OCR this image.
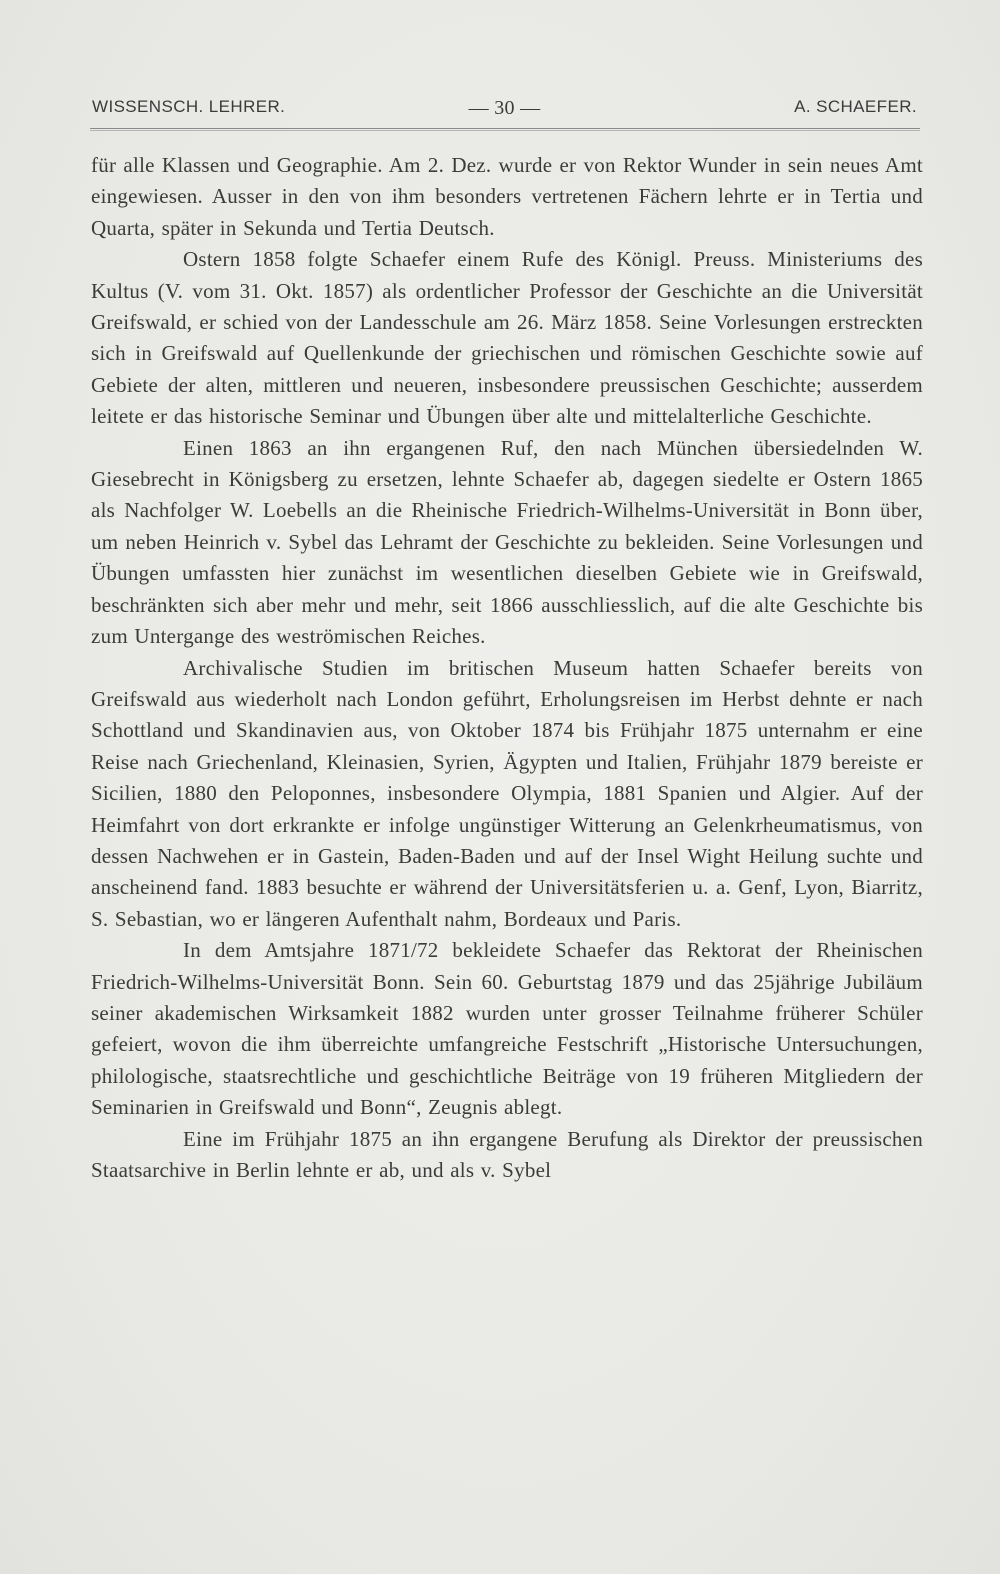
WISSENSCH. LEHRER.	— 30 —	A. SCHAEFER.

für alle Klassen und Geographie. Am 2. Dez. wurde er von Rektor Wunder in sein neues Amt eingewiesen. Ausser in den von ihm besonders vertretenen Fächern lehrte er in Tertia und Quarta, später in Sekunda und Tertia Deutsch.

Ostern 1858 folgte Schaefer einem Rufe des Königl. Preuss. Ministeriums des Kultus (V. vom 31. Okt. 1857) als ordentlicher Professor der Geschichte an die Universität Greifswald, er schied von der Landesschule am 26. März 1858. Seine Vorlesungen erstreckten sich in Greifswald auf Quellenkunde der griechischen und römischen Geschichte sowie auf Gebiete der alten, mittleren und neueren, insbesondere preussischen Geschichte; ausserdem leitete er das historische Seminar und Übungen über alte und mittelalterliche Geschichte.

Einen 1863 an ihn ergangenen Ruf, den nach München übersiedelnden W. Giesebrecht in Königsberg zu ersetzen, lehnte Schaefer ab, dagegen siedelte er Ostern 1865 als Nachfolger W. Loebells an die Rheinische Friedrich-Wilhelms-Universität in Bonn über, um neben Heinrich v. Sybel das Lehramt der Geschichte zu bekleiden. Seine Vorlesungen und Übungen umfassten hier zunächst im wesentlichen dieselben Gebiete wie in Greifswald, beschränkten sich aber mehr und mehr, seit 1866 ausschliesslich, auf die alte Geschichte bis zum Untergange des weströmischen Reiches.

Archivalische Studien im britischen Museum hatten Schaefer bereits von Greifswald aus wiederholt nach London geführt, Erholungsreisen im Herbst dehnte er nach Schottland und Skandinavien aus, von Oktober 1874 bis Frühjahr 1875 unternahm er eine Reise nach Griechenland, Kleinasien, Syrien, Ägypten und Italien, Frühjahr 1879 bereiste er Sicilien, 1880 den Peloponnes, insbesondere Olympia, 1881 Spanien und Algier. Auf der Heimfahrt von dort erkrankte er infolge ungünstiger Witterung an Gelenkrheumatismus, von dessen Nachwehen er in Gastein, Baden-Baden und auf der Insel Wight Heilung suchte und anscheinend fand. 1883 besuchte er während der Universitätsferien u. a. Genf, Lyon, Biarritz, S. Sebastian, wo er längeren Aufenthalt nahm, Bordeaux und Paris.

In dem Amtsjahre 1871/72 bekleidete Schaefer das Rektorat der Rheinischen Friedrich-Wilhelms-Universität Bonn. Sein 60. Geburtstag 1879 und das 25jährige Jubiläum seiner akademischen Wirksamkeit 1882 wurden unter grosser Teilnahme früherer Schüler gefeiert, wovon die ihm überreichte umfangreiche Festschrift „Historische Untersuchungen, philologische, staatsrechtliche und geschichtliche Beiträge von 19 früheren Mitgliedern der Seminarien in Greifswald und Bonn“, Zeugnis ablegt.

Eine im Frühjahr 1875 an ihn ergangene Berufung als Direktor der preussischen Staatsarchive in Berlin lehnte er ab, und als v. Sybel
